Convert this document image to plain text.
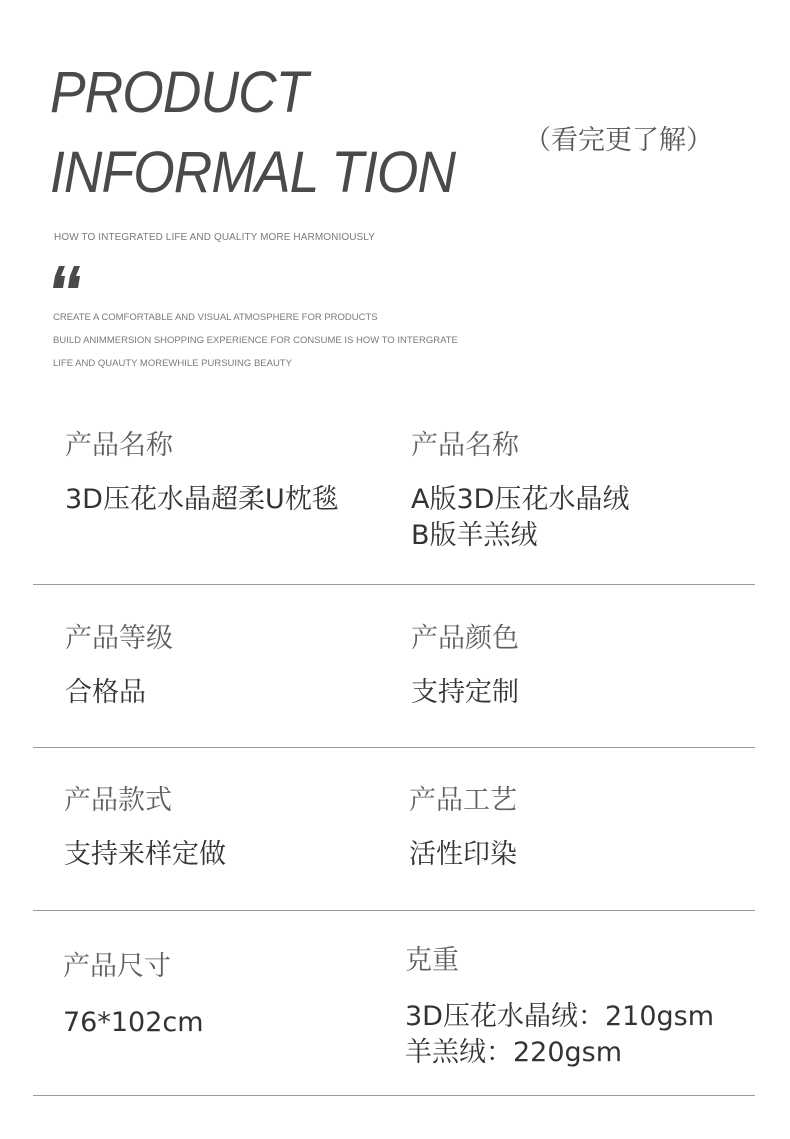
PRODUCT
INFORMAL TION	（看完更了解）
HOW TO INTEGRATED LIFE AND QUALITY MORE HARMONIOUSLY
CREATE A COMFORTABLE AND VISUAL ATMOSPHERE FOR PRODUCTS
BUILD ANIMMERSION SHOPPING EXPERIENCE FOR CONSUME IS HOW TO INTERGRATE
LIFE AND QUAUTY MOREWHILE PURSUING BEAUTY
产品名称
3D压花水晶超柔U枕毯
产品名称
A版3D压花水晶绒
B版羊羔绒
产品等级
合格品
产品颜色
支持定制
产品款式
支持来样定做
产品工艺
活性印染
产品尺寸
76*102cm
克重
3D压花水晶绒：210gsm
羊羔绒：220gsm
